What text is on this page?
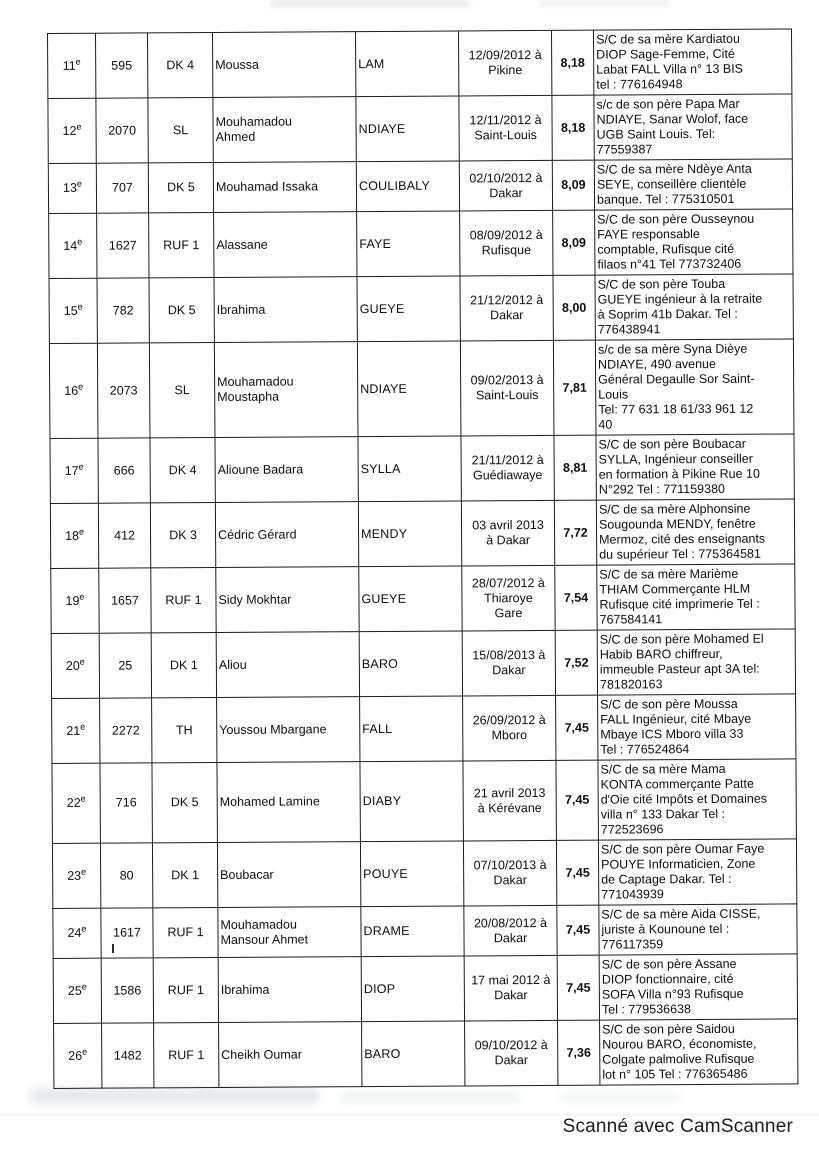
11e	595	DK 4	Moussa	LAM	12/09/2012 à
Pikine	8,18	S/C de sa mère Kardiatou
DIOP Sage-Femme, Cité
Labat FALL Villa n° 13 BIS
tel : 776164948
12e	2070	SL	Mouhamadou
Ahmed	NDIAYE	12/11/2012 à
Saint-Louis	8,18	s/c de son père Papa Mar
NDIAYE, Sanar Wolof, face
UGB Saint Louis. Tel:
77559387
13e	707	DK 5	Mouhamad Issaka	COULIBALY	02/10/2012 à
Dakar	8,09	S/C de sa mère Ndèye Anta
SEYE, conseillère clientèle
banque. Tel : 775310501
14e	1627	RUF 1	Alassane	FAYE	08/09/2012 à
Rufisque	8,09	S/C de son père Ousseynou
FAYE responsable
comptable, Rufisque cité
filaos n°41 Tel 773732406
15e	782	DK 5	Ibrahima	GUEYE	21/12/2012 à
Dakar	8,00	S/C de son père Touba
GUEYE ingénieur à la retraite
à Soprim 41b Dakar. Tel :
776438941
16e	2073	SL	Mouhamadou
Moustapha	NDIAYE	09/02/2013 à
Saint-Louis	7,81	s/c de sa mère Syna Dièye
NDIAYE, 490 avenue
Général Degaulle Sor Saint-
Louis
Tel: 77 631 18 61/33 961 12
40
17e	666	DK 4	Alioune Badara	SYLLA	21/11/2012 à
Guédiawaye	8,81	S/C de son père Boubacar
SYLLA, Ingénieur conseiller
en formation à Pikine Rue 10
N°292 Tel : 771159380
18e	412	DK 3	Cédric Gérard	MENDY	03 avril 2013
à Dakar	7,72	S/C de sa mère Alphonsine
Sougounda MENDY, fenêtre
Mermoz, cité des enseignants
du supérieur Tel : 775364581
19e	1657	RUF 1	Sidy Mokhtar	GUEYE	28/07/2012 à
Thiaroye
Gare	7,54	S/C de sa mère Marième
THIAM Commerçante HLM
Rufisque cité imprimerie Tel :
767584141
20e	25	DK 1	Aliou	BARO	15/08/2013 à
Dakar	7,52	S/C de son père Mohamed El
Habib BARO chiffreur,
immeuble Pasteur apt 3A tel:
781820163
21e	2272	TH	Youssou Mbargane	FALL	26/09/2012 à
Mboro	7,45	S/C de son père Moussa
FALL Ingénieur, cité Mbaye
Mbaye ICS Mboro villa 33
Tel : 776524864
22e	716	DK 5	Mohamed Lamine	DIABY	21 avril 2013
à Kérévane	7,45	S/C de sa mère Mama
KONTA commerçante Patte
d'Oie cité Impôts et Domaines
villa n° 133 Dakar Tel :
772523696
23e	80	DK 1	Boubacar	POUYE	07/10/2013 à
Dakar	7,45	S/C de son père Oumar Faye
POUYE Informaticien, Zone
de Captage Dakar. Tel :
771043939
24e	1617	RUF 1	Mouhamadou
Mansour Ahmet	DRAME	20/08/2012 à
Dakar	7,45	S/C de sa mère Aida CISSE,
juriste à Kounoune tel :
776117359
25e	1586	RUF 1	Ibrahima	DIOP	17 mai 2012 à
Dakar	7,45	S/C de son père Assane
DIOP fonctionnaire, cité
SOFA Villa n°93 Rufisque
Tel : 779536638
26e	1482	RUF 1	Cheikh Oumar	BARO	09/10/2012 à
Dakar	7,36	S/C de son père Saidou
Nourou BARO, économiste,
Colgate palmolive Rufisque
lot n° 105 Tel : 776365486
Scanné avec CamScanner
